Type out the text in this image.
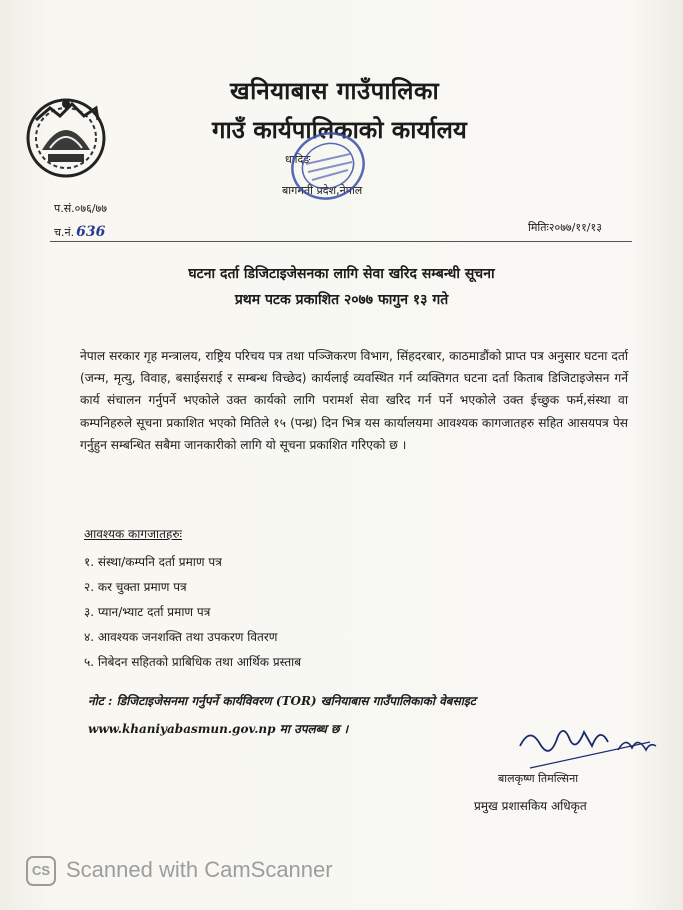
खनियाबास गाउँपालिका
गाउँ कार्यपालिकाको कार्यालय
धादिङ
बागमती प्रदेश,नेपाल
प.सं.०७६/७७
च.नं. 636	मितिः२०७७/११/१३
घटना दर्ता डिजिटाइजेसनका लागि सेवा खरिद सम्बन्धी सूचना
प्रथम पटक प्रकाशित २०७७ फागुन १३ गते
नेपाल सरकार गृह मन्त्रालय, राष्ट्रिय परिचय पत्र तथा पञ्जिकरण विभाग, सिंहदरबार, काठमाडौंको प्राप्त पत्र अनुसार घटना दर्ता (जन्म, मृत्यु, विवाह, बसाईसराई र सम्बन्ध विच्छेद) कार्यलाई व्यवस्थित गर्न व्यक्तिगत घटना दर्ता किताब डिजिटाइजेसन गर्ने कार्य संचालन गर्नुपर्ने भएकोले उक्त कार्यको लागि परामर्श सेवा खरिद गर्न पर्ने भएकोले उक्त ईच्छुक फर्म,संस्था वा कम्पनिहरुले सूचना प्रकाशित भएको मितिले १५ (पन्ध्र) दिन भित्र यस कार्यालयमा आवश्यक कागजातहरु सहित आसयपत्र पेस गर्नुहुन सम्बन्धित सबैमा जानकारीको लागि यो सूचना प्रकाशित गरिएको छ ।
आवश्यक कागजातहरुः
१. संस्था/कम्पनि दर्ता प्रमाण पत्र
२. कर चुक्ता प्रमाण पत्र
३. प्यान/भ्याट दर्ता प्रमाण पत्र
४. आवश्यक जनशक्ति तथा उपकरण वितरण
५. निबेदन सहितको प्राबिधिक तथा आर्थिक प्रस्ताब
नोट : डिजिटाइजेसनमा गर्नुपर्ने कार्यविवरण (TOR) खनियाबास गाउँपालिकाको वेबसाइट
www.khaniyabasmun.gov.np मा उपलब्ध छ ।
बालकृष्ण तिमल्सिना
प्रमुख प्रशासकिय अधिकृत
CS Scanned with CamScanner
